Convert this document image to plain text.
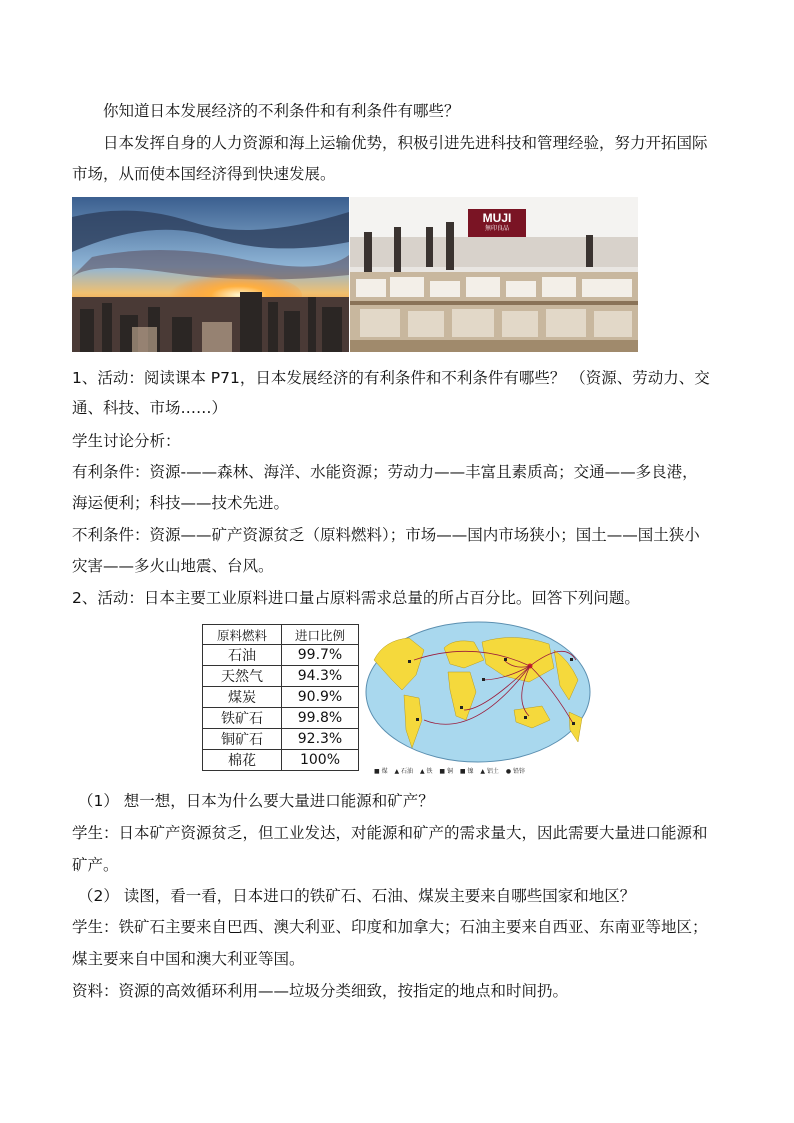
你知道日本发展经济的不利条件和有利条件有哪些？
日本发挥自身的人力资源和海上运输优势，积极引进先进科技和管理经验，努力开拓国际
市场，从而使本国经济得到快速发展。
MUJI
無印良品
1、活动：阅读课本 P71，日本发展经济的有利条件和不利条件有哪些？ （资源、劳动力、交
通、科技、市场……）
学生讨论分析：
有利条件：资源-——森林、海洋、水能资源；劳动力——丰富且素质高；交通——多良港，
海运便利；科技——技术先进。
不利条件：资源——矿产资源贫乏（原料燃料）；市场——国内市场狭小；国土——国土狭小
灾害——多火山地震、台风。
2、活动：日本主要工业原料进口量占原料需求总量的所占百分比。回答下列问题。
原料燃料	进口比例
石油	99.7%
天然气	94.3%
煤炭	90.9%
铁矿石	99.8%
铜矿石	92.3%
棉花	100%
■ 煤 ▲ 石油 ▲ 铁 ■ 铜 ■ 镍 ▲ 铝土 ● 铅锌
（1） 想一想，日本为什么要大量进口能源和矿产？
学生：日本矿产资源贫乏，但工业发达，对能源和矿产的需求量大，因此需要大量进口能源和
矿产。
（2） 读图，看一看，日本进口的铁矿石、石油、煤炭主要来自哪些国家和地区？
学生：铁矿石主要来自巴西、澳大利亚、印度和加拿大；石油主要来自西亚、东南亚等地区；
煤主要来自中国和澳大利亚等国。
资料：资源的高效循环利用——垃圾分类细致，按指定的地点和时间扔。
